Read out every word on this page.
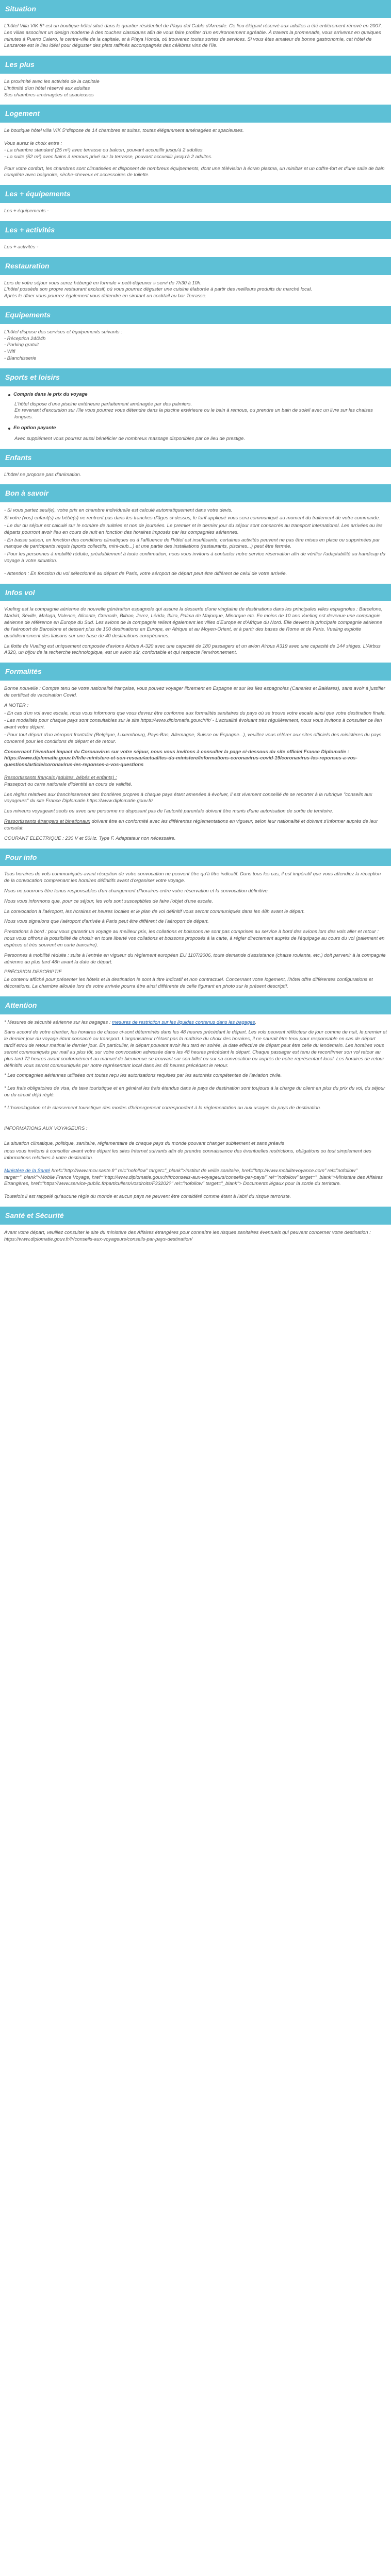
Situation

L'hôtel Villa VIK 5* est un boutique-hôtel situé dans le quartier résidentiel de Playa del Cable d'Arrecife. Ce lieu élégant réservé aux adultes a été entièrement rénové en 2007. Les villas associent un design moderne à des touches classiques afin de vous faire profiter d'un environnement agréable. À travers la promenade, vous arriverez en quelques minutes à Puerto Calero, le centre-ville de la capitale, et à Playa Honda, où trouverez toutes sortes de services. Si vous êtes amateur de bonne gastronomie, cet hôtel de Lanzarote est le lieu idéal pour déguster des plats raffinés accompagnés des célèbres vins de l'île.

Les plus
La proximité avec les activités de la capitale
L'intimité d'un hôtel réservé aux adultes
Ses chambres aménagées et spacieuses
Logement

Le boutique hôtel villa VIK 5*dispose de 14 chambres et suites, toutes élégamment aménagées et spacieuses.

Vous aurez le choix entre :
- La chambre standard (25 m²) avec terrasse ou balcon, pouvant accueillir jusqu'à 2 adultes.
- La suite (52 m²) avec bains à remous privé sur la terrasse, pouvant accueillir jusqu'à 2 adultes.

Pour votre confort, les chambres sont climatisées et disposent de nombreux équipements, dont une télévision à écran plasma, un minibar et un coffre-fort et d'une salle de bain complète avec baignoire, sèche-cheveux et accessoires de toilette.

Les + équipements

Les + équipements -

Les + activités

Les + activités -

Restauration
Lors de votre séjour vous serez hébergé en formule « petit-déjeuner » servi de 7h30 à 10h.
L'hôtel possède son propre restaurant exclusif, où vous pourrez déguster une cuisine élaborée à partir des meilleurs produits du marché local.
Après le dîner vous pourrez également vous détendre en sirotant un cocktail au bar Terrasse.
Equipements
L'hôtel dispose des services et équipements suivants :
- Réception 24/24h
- Parking gratuit
- Wifi
- Blanchisserie
Sports et loisirs
Compris dans le prix du voyage
L'hôtel dispose d'une piscine extérieure parfaitement aménagée par des palmiers.
En revenant d'excursion sur l'île vous pourrez vous détendre dans la piscine extérieure ou le bain à remous, ou prendre un bain de soleil avec un livre sur les chaises longues.
En option payante
Avec supplément vous pourrez aussi bénéficier de nombreux massage disponibles par ce lieu de prestige.
Enfants

L'hôtel ne propose pas d'animation.

Bon à savoir

- Si vous partez seul(e), votre prix en chambre individuelle est calculé automatiquement dans votre devis.

Si votre (vos) enfant(s) au bébé(s) ne rentrent pas dans les tranches d'âges ci-dessus, le tarif appliqué vous sera communiqué au moment du traitement de votre commande.

- Le dur du séjour est calculé sur le nombre de nuitées et non de journées. Le premier et le dernier jour du séjour sont consacrés au transport international. Les arrivées ou les départs pourront avoir lieu en cours de nuit en fonction des horaires imposés par les compagnies aériennes.

- En basse saison, en fonction des conditions climatiques ou à l'affluence de l'hôtel est insuffisante, certaines activités peuvent ne pas être mises en place ou supprimées par manque de participants requis (sports collectifs, mini-club...) et une partie des installations (restaurants, piscines...) peut être fermée.

- Pour les personnes à mobilité réduite, préalablement à toute confirmation, nous vous invitons à contacter notre service réservation afin de vérifier l'adaptabilité au handicap du voyage à votre situation.

- Attention : En fonction du vol sélectionné au départ de Paris, votre aéroport de départ peut être différent de celui de votre arrivée.

Infos vol

Vueling est la compagnie aérienne de nouvelle génération espagnole qui assure la desserte d'une vingtaine de destinations dans les principales villes espagnoles : Barcelone, Madrid, Séville, Malaga, Valence, Alicante, Grenade, Bilbao, Jerez, Lérida, Ibiza, Palma de Majorque, Minorque etc. En moins de 10 ans Vueling est devenue une compagnie aérienne de référence en Europe du Sud. Les avions de la compagnie relient également les villes d'Europe et d'Afrique du Nord. Elle devient la principale compagnie aérienne de l'aéroport de Barcelone et dessert plus de 100 destinations en Europe, en Afrique et au Moyen-Orient, et à partir des bases de Rome et de Paris. Vueling exploite quotidiennement des liaisons sur une base de 40 destinations européennes.

La flotte de Vueling est uniquement composée d'avions Airbus A-320 avec une capacité de 180 passagers et un avion Airbus A319 avec une capacité de 144 sièges. L'Airbus A320, un bijou de la recherche technologique, est un avion sûr, confortable et qui respecte l'environnement.

Formalités

Bonne nouvelle : Compte tenu de votre nationalité française, vous pouvez voyager librement en Espagne et sur les îles espagnoles (Canaries et Baléares), sans avoir à justifier de certificat de vaccination Covid.

A NOTER :

- En cas d'un vol avec escale, nous vous informons que vous devrez être conforme aux formalités sanitaires du pays où se trouve votre escale ainsi que votre destination finale.

- Les modalités pour chaque pays sont consultables sur le site https://www.diplomatie.gouv.fr/fr/ - L'actualité évoluant très régulièrement, nous vous invitons à consulter ce lien avant votre départ.

- Pour tout départ d'un aéroport frontalier (Belgique, Luxembourg, Pays-Bas, Allemagne, Suisse ou Espagne...), veuillez vous référer aux sites officiels des ministères du pays concerné pour les conditions de départ et de retour.

Concernant l'éventuel impact du Coronavirus sur votre séjour, nous vous invitons à consulter la page ci-dessous du site officiel France Diplomatie : https://www.diplomatie.gouv.fr/fr/le-ministere-et-son-reseau/actualites-du-ministere/informations-coronavirus-covid-19/coronavirus-les-reponses-a-vos-questions/article/coronavirus-les-reponses-a-vos-questions

Ressortissants français (adultes, bébés et enfants) :

Passeport ou carte nationale d'identité en cours de validité.

Les règles relatives aux franchissement des frontières propres à chaque pays étant amenées à évoluer, il est vivement conseillé de se reporter à la rubrique "conseils aux voyageurs" du site France Diplomatie.https://www.diplomatie.gouv.fr/

Les mineurs voyageant seuls ou avec une personne ne disposant pas de l'autorité parentale doivent être munis d'une autorisation de sortie de territoire.

Ressortissants étrangers et binationaux doivent être en conformité avec les différentes réglementations en vigueur, selon leur nationalité et doivent s'informer auprès de leur consulat.

COURANT ELECTRIQUE : 230 V et 50Hz. Type F. Adaptateur non nécessaire.

Pour info

Tous horaires de vols communiqués avant réception de votre convocation ne peuvent être qu'à titre indicatif. Dans tous les cas, il est impératif que vous attendiez la réception de la convocation comprenant les horaires définitifs avant d'organiser votre voyage.

Nous ne pourrons être tenus responsables d'un changement d'horaires entre votre réservation et la convocation définitive.

Nous vous informons que, pour ce séjour, les vols sont susceptibles de faire l'objet d'une escale.

La convocation à l'aéroport, les horaires et heures locales et le plan de vol définitif vous seront communiqués dans les 48h avant le départ.

Nous vous signalons que l'aéroport d'arrivée à Paris peut être différent de l'aéroport de départ.

Prestations à bord : pour vous garantir un voyage au meilleur prix, les collations et boissons ne sont pas comprises au service à bord des avions lors des vols aller et retour : nous vous offrons la possibilité de choisir en toute liberté vos collations et boissons proposés à la carte, à régler directement auprès de l'équipage au cours du vol (paiement en espèces et très souvent en carte bancaire).

Personnes à mobilité réduite : suite à l'entrée en vigueur du règlement européen EU 1107/2006, toute demande d'assistance (chaise roulante, etc.) doit parvenir à la compagnie aérienne au plus tard 48h avant la date de départ.

PRÉCISION DESCRIPTIF

Le contenu affiché pour présenter les hôtels et la destination le sont à titre indicatif et non contractuel. Concernant votre logement, l'hôtel offre différentes configurations et décorations. La chambre allouée lors de votre arrivée pourra être ainsi différente de celle figurant en photo sur le présent descriptif.

Attention

* Mesures de sécurité aérienne sur les bagages : mesures de restriction sur les liquides contenus dans les bagages.

Sans accord de votre chartier, les horaires de classe ci-sont déterminés dans les 48 heures précédant le départ. Les vols peuvent réflécteur de jour comme de nuit, le premier et le dernier jour du voyage étant consacré au transport. L'organisateur n'étant pas la maîtrise du choix des horaires, il ne saurait être tenu pour responsable en cas de départ tardif et/ou de retour matinal le dernier jour. En particulier, le départ pouvant avoir lieu tard en soirée, la date effective de départ peut être celle du lendemain. Les horaires vous seront communiqués par mail au plus tôt, sur votre convocation adressée dans les 48 heures précédant le départ. Chaque passager est tenu de reconfirmer son vol retour au plus tard 72 heures avant conformément au manuel de bienvenue se trouvant sur son billet ou sur sa convocation ou auprès de notre représentant local. Les horaires de retour définitifs vous seront communiqués par notre représentant local dans les 48 heures précédant le retour.

* Les compagnies aériennes utilisées ont toutes reçu les autorisations requises par les autorités compétentes de l'aviation civile.

* Les frais obligatoires de visa, de taxe touristique et en général les frais étendus dans le pays de destination sont toujours à la charge du client en plus du prix du vol, du séjour ou du circuit déjà réglé.

* L'homologation et le classement touristique des modes d'hébergement correspondent à la réglementation ou aux usages du pays de destination.

INFORMATIONS AUX VOYAGEURS :

La situation climatique, politique, sanitaire, réglementaire de chaque pays du monde pouvant changer subitement et sans préavis

nous vous invitons à consulter avant votre départ les sites Internet suivants afin de prendre connaissance des éventuelles restrictions, obligations ou tout simplement des informations relatives à votre destination.

Ministère de la Santé href="http://www.mcv.sante.fr" rel="nofollow" target="_blank">Institut de veille sanitaire, href="http://www.mobilitevoyance.com" rel="nofollow" target="_blank">Mobile France Voyage, href="http://www.diplomatie.gouv.fr/fr/conseils-aux-voyageurs/conseils-par-pays/" rel="nofollow" target="_blank">Ministère des Affaires Etrangères, href="https://www.service-public.fr/particuliers/vosdroits/F33202?" rel="nofollow" target="_blank"> Documents légaux pour la sortie du territoire.

Toutefois il est rappelé qu'aucune règle du monde et aucun pays ne peuvent être considéré comme étant à l'abri du risque terroriste.

Santé et Sécurité

Avant votre départ, veuillez consulter le site du ministère des Affaires étrangères pour connaître les risques sanitaires éventuels qui peuvent concerner votre destination : https://www.diplomatie.gouv.fr/fr/conseils-aux-voyageurs/conseils-par-pays-destination/
